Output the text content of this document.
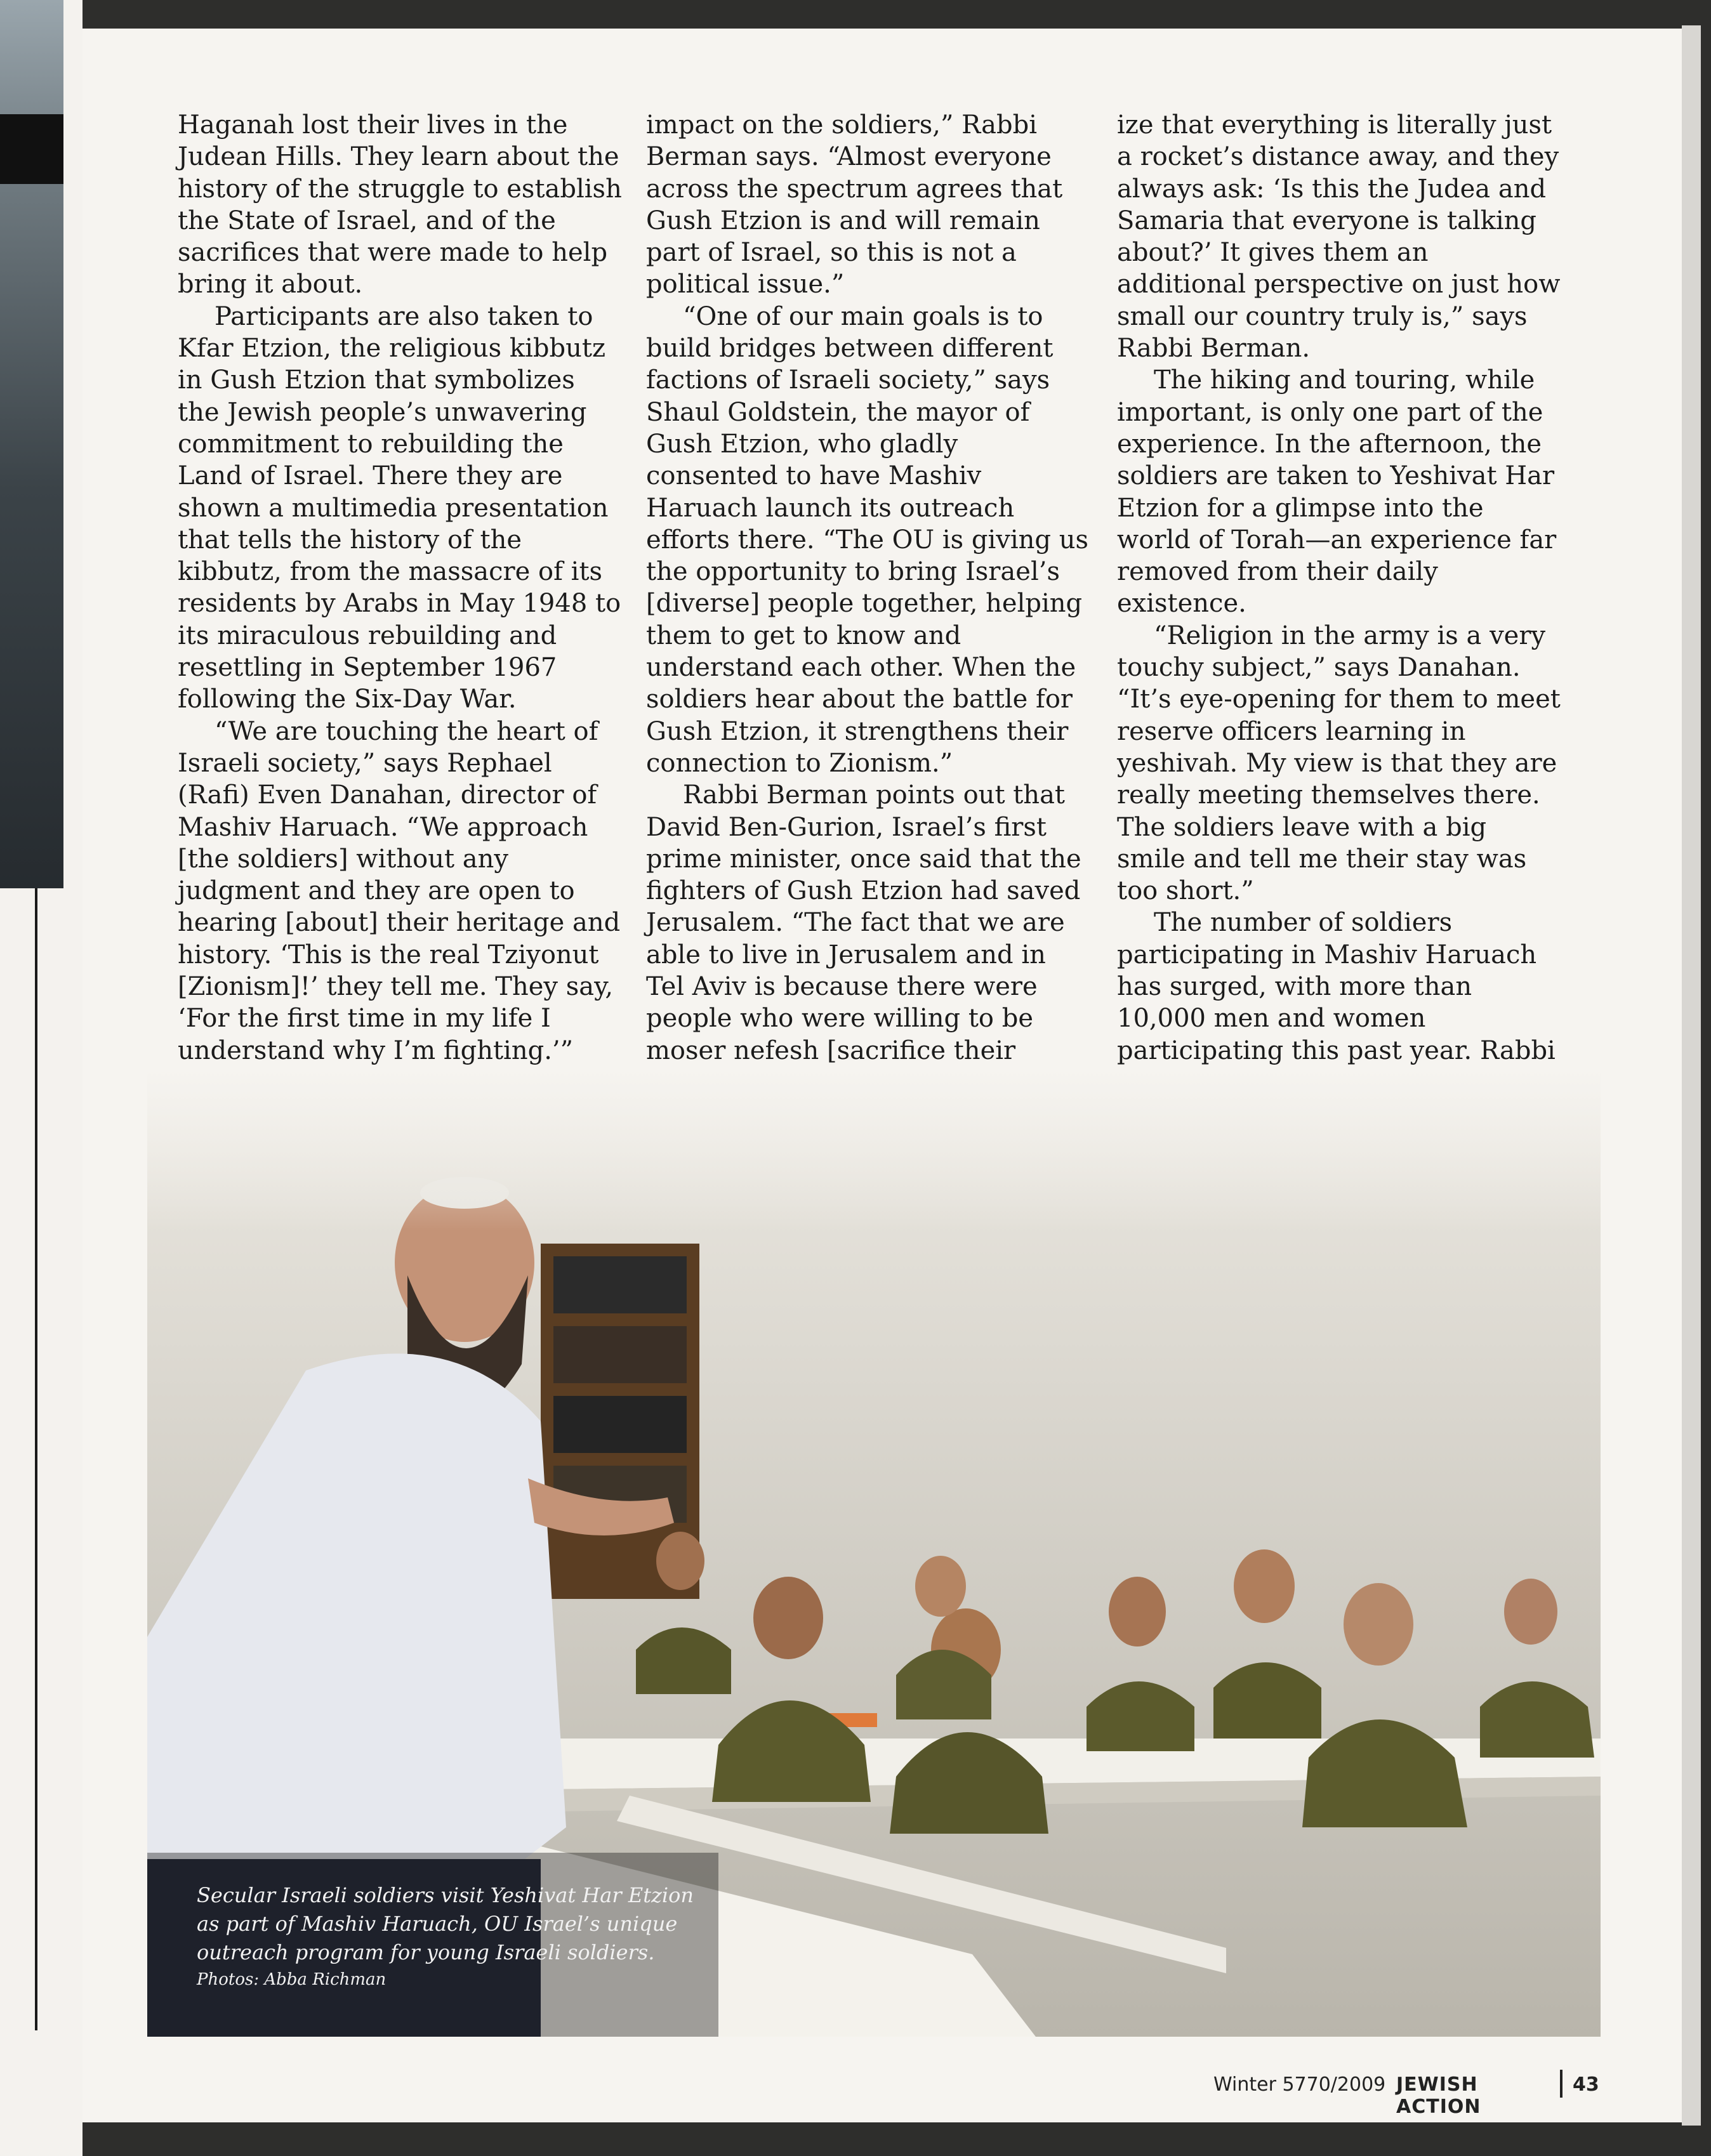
Haganah lost their lives in the Judean Hills. They learn about the history of the struggle to establish the State of Israel, and of the sacrifices that were made to help bring it about.

Participants are also taken to Kfar Etzion, the religious kibbutz in Gush Etzion that symbolizes the Jewish people’s unwavering commitment to rebuilding the Land of Israel. There they are shown a multimedia presentation that tells the history of the kibbutz, from the massacre of its residents by Arabs in May 1948 to its miraculous rebuilding and resettling in September 1967 following the Six-Day War.

“We are touching the heart of Israeli society,” says Rephael (Rafi) Even Danahan, director of Mashiv Haruach. “We approach [the soldiers] without any judgment and they are open to hearing [about] their heritage and history. ‘This is the real Tziyonut [Zionism]!’ they tell me. They say, ‘For the first time in my life I understand why I’m fighting.’”

impact on the soldiers,” Rabbi Berman says. “Almost everyone across the spectrum agrees that Gush Etzion is and will remain part of Israel, so this is not a political issue.”

“One of our main goals is to build bridges between different factions of Israeli society,” says Shaul Goldstein, the mayor of Gush Etzion, who gladly consented to have Mashiv Haruach launch its outreach efforts there. “The OU is giving us the opportunity to bring Israel’s [diverse] people together, helping them to get to know and understand each other. When the soldiers hear about the battle for Gush Etzion, it strengthens their connection to Zionism.”

Rabbi Berman points out that David Ben-Gurion, Israel’s first prime minister, once said that the fighters of Gush Etzion had saved Jerusalem. “The fact that we are able to live in Jerusalem and in Tel Aviv is because there were people who were willing to be moser nefesh [sacrifice their

ize that everything is literally just a rocket’s distance away, and they always ask: ‘Is this the Judea and Samaria that everyone is talking about?’ It gives them an additional perspective on just how small our country truly is,” says Rabbi Berman.

The hiking and touring, while important, is only one part of the experience. In the afternoon, the soldiers are taken to Yeshivat Har Etzion for a glimpse into the world of Torah—an experience far removed from their daily existence.

“Religion in the army is a very touchy subject,” says Danahan. “It’s eye-opening for them to meet reserve officers learning in yeshivah. My view is that they are really meeting themselves there. The soldiers leave with a big smile and tell me their stay was too short.”

The number of soldiers participating in Mashiv Haruach has surged, with more than 10,000 men and women participating this past year. Rabbi

Secular Israeli soldiers visit Yeshivat Har Etzion as part of Mashiv Haruach, OU Israel’s unique outreach program for young Israeli soldiers.
Photos: Abba Richman
Winter 5770/2009 JEWISH ACTION
43
